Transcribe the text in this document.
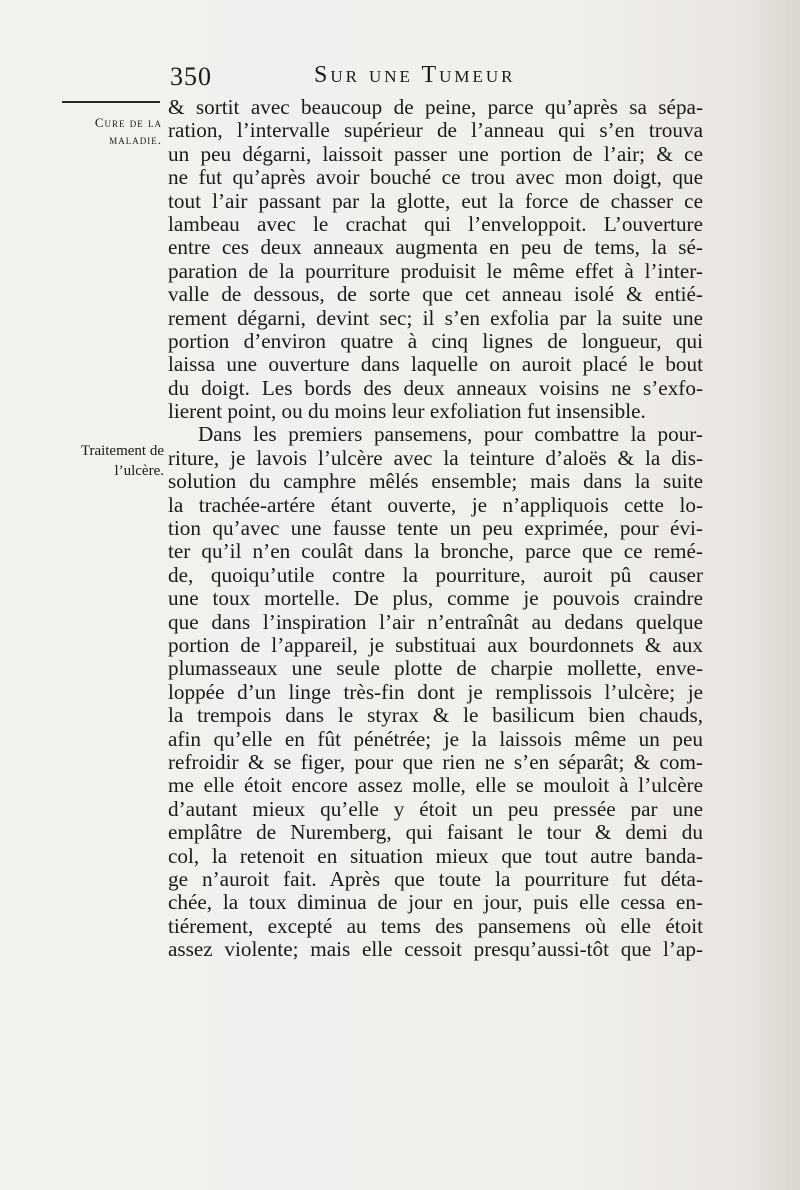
350	Sur une Tumeur
Cure de la maladie.
Traitement de l’ulcère.
& sortit avec beaucoup de peine, parce qu’après sa sépa-
ration, l’intervalle supérieur de l’anneau qui s’en trouva
un peu dégarni, laissoit passer une portion de l’air; & ce
ne fut qu’après avoir bouché ce trou avec mon doigt, que
tout l’air passant par la glotte, eut la force de chasser ce
lambeau avec le crachat qui l’enveloppoit. L’ouverture
entre ces deux anneaux augmenta en peu de tems, la sé-
paration de la pourriture produisit le même effet à l’inter-
valle de dessous, de sorte que cet anneau isolé & entié-
rement dégarni, devint sec; il s’en exfolia par la suite une
portion d’environ quatre à cinq lignes de longueur, qui
laissa une ouverture dans laquelle on auroit placé le bout
du doigt. Les bords des deux anneaux voisins ne s’exfo-
lierent point, ou du moins leur exfoliation fut insensible.
Dans les premiers pansemens, pour combattre la pour-
riture, je lavois l’ulcère avec la teinture d’aloës & la dis-
solution du camphre mêlés ensemble; mais dans la suite
la trachée-artére étant ouverte, je n’appliquois cette lo-
tion qu’avec une fausse tente un peu exprimée, pour évi-
ter qu’il n’en coulât dans la bronche, parce que ce remé-
de, quoiqu’utile contre la pourriture, auroit pû causer
une toux mortelle. De plus, comme je pouvois craindre
que dans l’inspiration l’air n’entraînât au dedans quelque
portion de l’appareil, je substituai aux bourdonnets & aux
plumasseaux une seule plotte de charpie mollette, enve-
loppée d’un linge très-fin dont je remplissois l’ulcère; je
la trempois dans le styrax & le basilicum bien chauds,
afin qu’elle en fût pénétrée; je la laissois même un peu
refroidir & se figer, pour que rien ne s’en séparât; & com-
me elle étoit encore assez molle, elle se mouloit à l’ulcère
d’autant mieux qu’elle y étoit un peu pressée par une
emplâtre de Nuremberg, qui faisant le tour & demi du
col, la retenoit en situation mieux que tout autre banda-
ge n’auroit fait. Après que toute la pourriture fut déta-
chée, la toux diminua de jour en jour, puis elle cessa en-
tiérement, excepté au tems des pansemens où elle étoit
assez violente; mais elle cessoit presqu’aussi-tôt que l’ap-
